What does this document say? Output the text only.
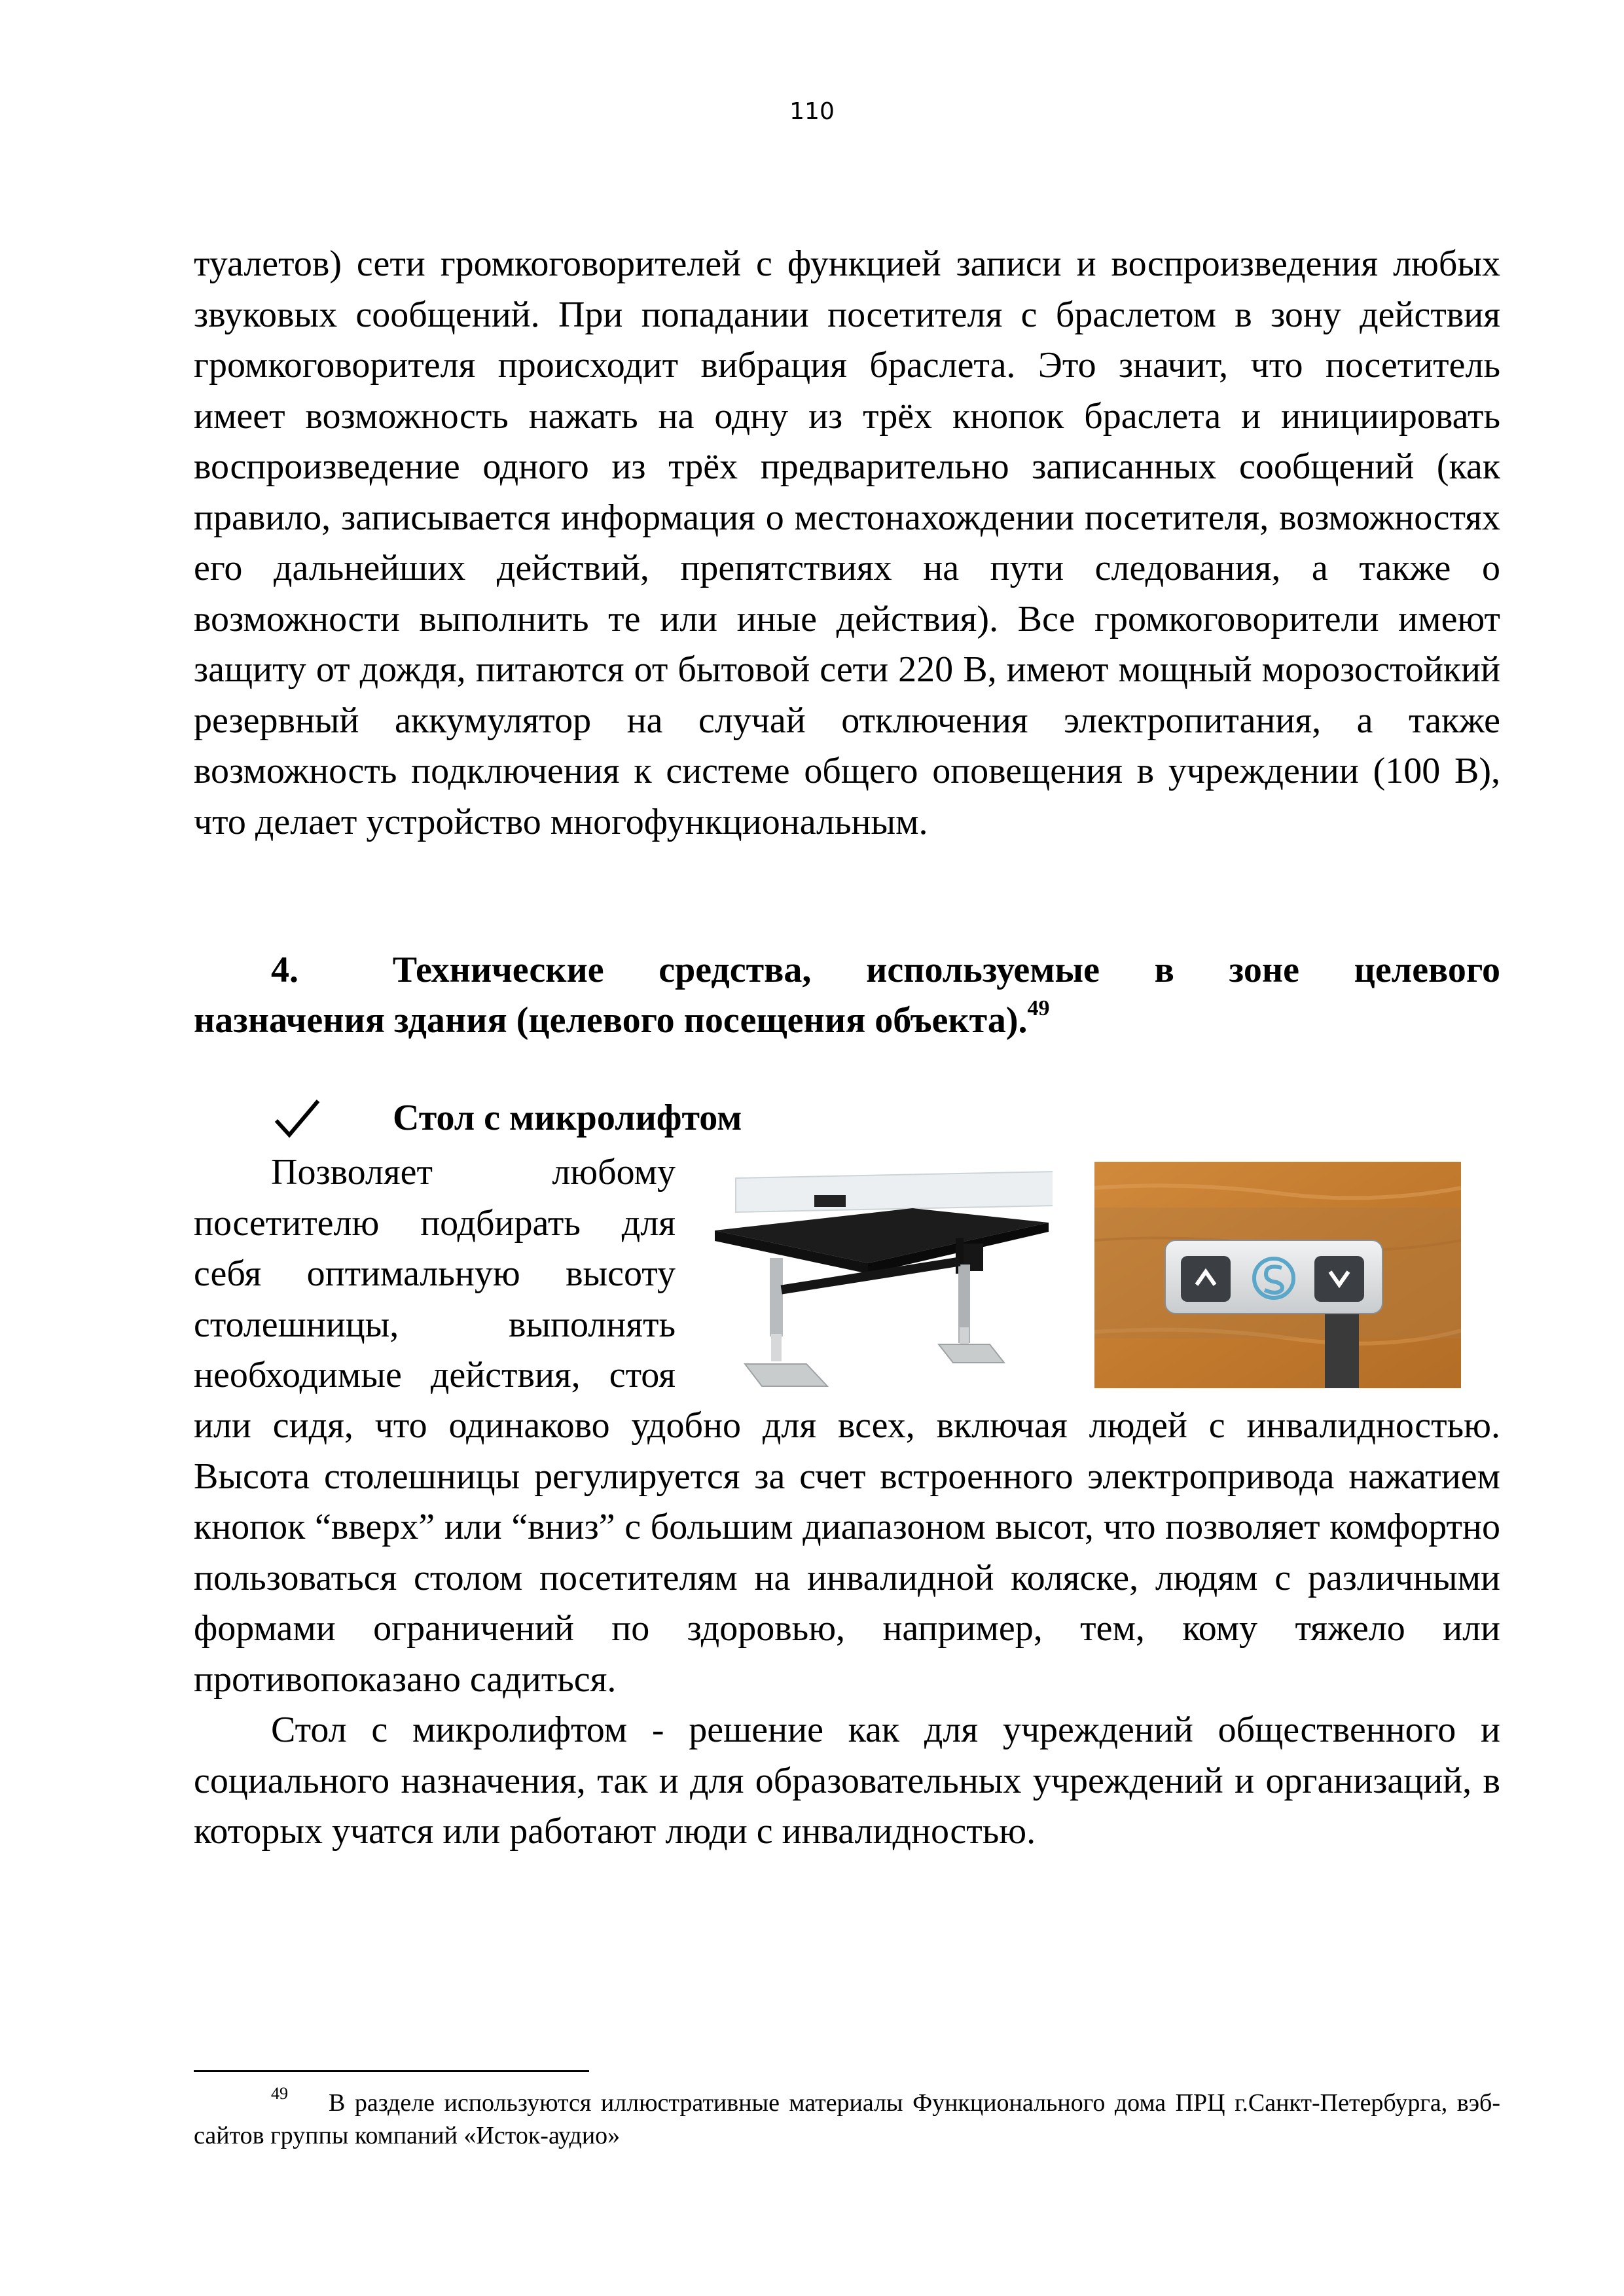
110

туалетов) сети громкоговорителей с функцией записи и воспроизведения любых звуковых сообщений. При попадании посетителя с браслетом в зону действия громкоговорителя происходит вибрация браслета. Это значит, что посетитель имеет возможность нажать на одну из трёх кнопок браслета и инициировать воспроизведение одного из трёх предварительно записанных сообщений (как правило, записывается информация о местонахождении посетителя, возможностях его дальнейших действий, препятствиях на пути следования, а также о возможности выполнить те или иные действия). Все громкоговорители имеют защиту от дождя, питаются от бытовой сети 220 В, имеют мощный морозостойкий резервный аккумулятор на случай отключения электропитания, а также возможность подключения к системе общего оповещения в учреждении (100 В), что делает устройство многофункциональным.

4.	Технические средства, используемые в зоне целевого
назначения здания (целевого посещения объекта).$^{49}$
Стол с микролифтом
Позволяет любому
посетителю подбирать для
себя оптимальную высоту
столешницы, выполнять
необходимые действия, стоя

или сидя, что одинаково удобно для всех, включая людей с инвалидностью. Высота столешницы регулируется за счет встроенного электропривода нажатием кнопок “вверх” или “вниз” с большим диапазоном высот, что позволяет комфортно пользоваться столом посетителям на инвалидной коляске, людям с различными формами ограничений по здоровью, например, тем, кому тяжело или противопоказано садиться.

Стол с микролифтом - решение как для учреждений общественного и социального назначения, так и для образовательных учреждений и организаций, в которых учатся или работают люди с инвалидностью.

$^{49}$ В разделе используются иллюстративные материалы Функционального дома ПРЦ г.Санкт-Петербурга, вэб-сайтов группы компаний «Исток-аудио»
